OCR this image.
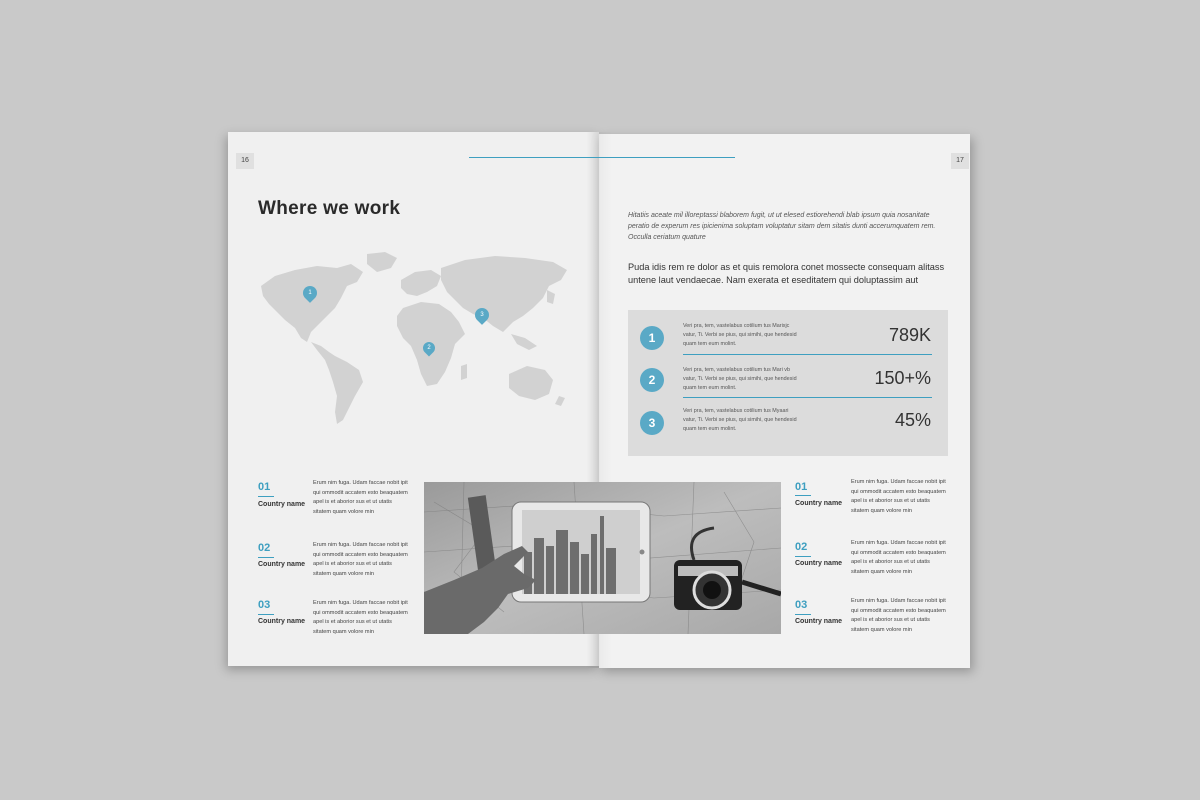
16	17
Where we work
1
2
3
01
Country name
Erum nim fuga. Udam faccae nobit ipit qui ommodit accatem esto beaquatem apel is et aborior sus et ut utatis sitatem quam volore min
02
Country name
Erum nim fuga. Udam faccae nobit ipit qui ommodit accatem esto beaquatem apel is et aborior sus et ut utatis sitatem quam volore min
03
Country name
Erum nim fuga. Udam faccae nobit ipit qui ommodit accatem esto beaquatem apel is et aborior sus et ut utatis sitatem quam volore min
Hitatiis aceate mil illoreptassi blaborem fugit, ut ut elesed estiorehendi blab ipsum quia nosanitate peratio de experum res ipicienima soluptam voluptatur sitam dem sitatis dunti accerumquatem rem. Occulla ceriatum quature
Puda idis rem re dolor as et quis remolora conet mossecte consequam alitass untene laut vendaecae. Nam exerata et eseditatem qui doluptassim aut
1
Veri pra, tem, vastelabus cotilium tus Marixjc vatur, Ti. Verbi se pius, qui simihi, que hendesid quam tem eum molint.	789K
2
Veri pra, tem, vastelabus cotilium tus Mari vb vatur, Ti. Verbi se pius, qui simihi, que hendesid quam tem eum molint.	150+%
3
Veri pra, tem, vastelabus cotilium tus Myaari vatur, Ti. Verbi se pius, qui simihi, que hendesid quam tem eum molint.	45%
01
Country name
Erum nim fuga. Udam faccae nobit ipit qui ommodit accatem esto beaquatem apel is et aborior sus et ut utatis sitatem quam volore min
02
Country name
Erum nim fuga. Udam faccae nobit ipit qui ommodit accatem esto beaquatem apel is et aborior sus et ut utatis sitatem quam volore min
03
Country name
Erum nim fuga. Udam faccae nobit ipit qui ommodit accatem esto beaquatem apel is et aborior sus et ut utatis sitatem quam volore min
